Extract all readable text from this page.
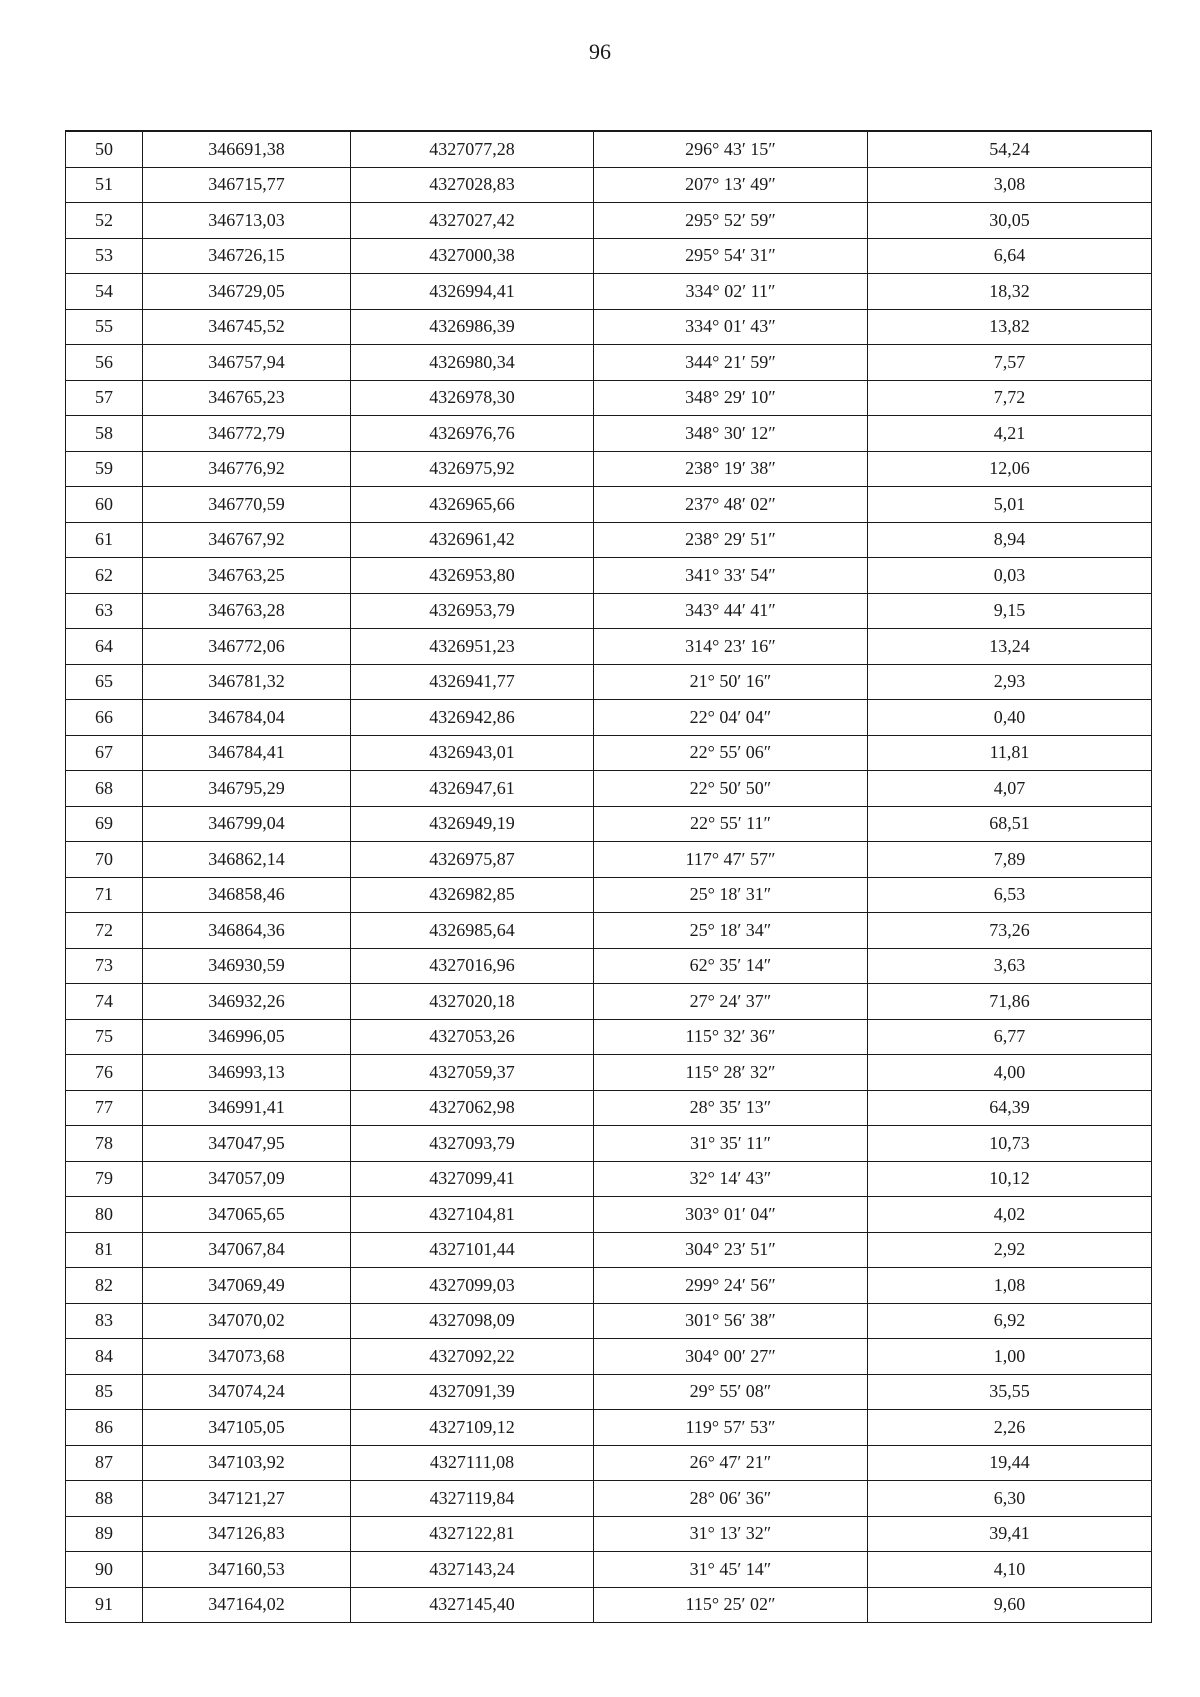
96
50	346691,38	4327077,28	296° 43′ 15″	54,24
51	346715,77	4327028,83	207° 13′ 49″	3,08
52	346713,03	4327027,42	295° 52′ 59″	30,05
53	346726,15	4327000,38	295° 54′ 31″	6,64
54	346729,05	4326994,41	334° 02′ 11″	18,32
55	346745,52	4326986,39	334° 01′ 43″	13,82
56	346757,94	4326980,34	344° 21′ 59″	7,57
57	346765,23	4326978,30	348° 29′ 10″	7,72
58	346772,79	4326976,76	348° 30′ 12″	4,21
59	346776,92	4326975,92	238° 19′ 38″	12,06
60	346770,59	4326965,66	237° 48′ 02″	5,01
61	346767,92	4326961,42	238° 29′ 51″	8,94
62	346763,25	4326953,80	341° 33′ 54″	0,03
63	346763,28	4326953,79	343° 44′ 41″	9,15
64	346772,06	4326951,23	314° 23′ 16″	13,24
65	346781,32	4326941,77	21° 50′ 16″	2,93
66	346784,04	4326942,86	22° 04′ 04″	0,40
67	346784,41	4326943,01	22° 55′ 06″	11,81
68	346795,29	4326947,61	22° 50′ 50″	4,07
69	346799,04	4326949,19	22° 55′ 11″	68,51
70	346862,14	4326975,87	117° 47′ 57″	7,89
71	346858,46	4326982,85	25° 18′ 31″	6,53
72	346864,36	4326985,64	25° 18′ 34″	73,26
73	346930,59	4327016,96	62° 35′ 14″	3,63
74	346932,26	4327020,18	27° 24′ 37″	71,86
75	346996,05	4327053,26	115° 32′ 36″	6,77
76	346993,13	4327059,37	115° 28′ 32″	4,00
77	346991,41	4327062,98	28° 35′ 13″	64,39
78	347047,95	4327093,79	31° 35′ 11″	10,73
79	347057,09	4327099,41	32° 14′ 43″	10,12
80	347065,65	4327104,81	303° 01′ 04″	4,02
81	347067,84	4327101,44	304° 23′ 51″	2,92
82	347069,49	4327099,03	299° 24′ 56″	1,08
83	347070,02	4327098,09	301° 56′ 38″	6,92
84	347073,68	4327092,22	304° 00′ 27″	1,00
85	347074,24	4327091,39	29° 55′ 08″	35,55
86	347105,05	4327109,12	119° 57′ 53″	2,26
87	347103,92	4327111,08	26° 47′ 21″	19,44
88	347121,27	4327119,84	28° 06′ 36″	6,30
89	347126,83	4327122,81	31° 13′ 32″	39,41
90	347160,53	4327143,24	31° 45′ 14″	4,10
91	347164,02	4327145,40	115° 25′ 02″	9,60
